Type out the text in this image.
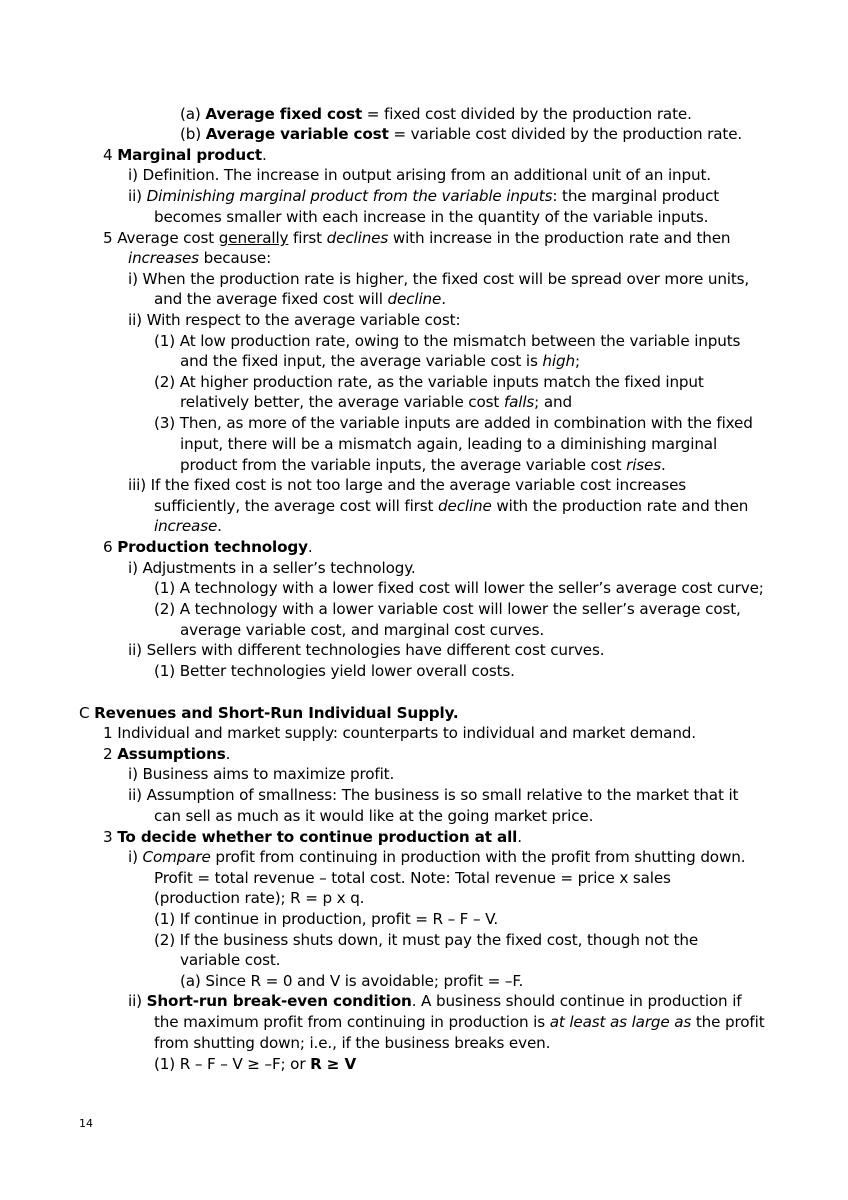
(a) Average fixed cost = fixed cost divided by the production rate.
(b) Average variable cost = variable cost divided by the production rate.
4 Marginal product.
i) Definition. The increase in output arising from an additional unit of an input.
ii) Diminishing marginal product from the variable inputs: the marginal product
becomes smaller with each increase in the quantity of the variable inputs.
5 Average cost generally first declines with increase in the production rate and then
increases because:
i) When the production rate is higher, the fixed cost will be spread over more units,
and the average fixed cost will decline.
ii) With respect to the average variable cost:
(1) At low production rate, owing to the mismatch between the variable inputs
and the fixed input, the average variable cost is high;
(2) At higher production rate, as the variable inputs match the fixed input
relatively better, the average variable cost falls; and
(3) Then, as more of the variable inputs are added in combination with the fixed
input, there will be a mismatch again, leading to a diminishing marginal
product from the variable inputs, the average variable cost rises.
iii) If the fixed cost is not too large and the average variable cost increases
sufficiently, the average cost will first decline with the production rate and then
increase.
6 Production technology.
i) Adjustments in a seller’s technology.
(1) A technology with a lower fixed cost will lower the seller’s average cost curve;
(2) A technology with a lower variable cost will lower the seller’s average cost,
average variable cost, and marginal cost curves.
ii) Sellers with different technologies have different cost curves.
(1) Better technologies yield lower overall costs.
C Revenues and Short-Run Individual Supply.
1 Individual and market supply: counterparts to individual and market demand.
2 Assumptions.
i) Business aims to maximize profit.
ii) Assumption of smallness: The business is so small relative to the market that it
can sell as much as it would like at the going market price.
3 To decide whether to continue production at all.
i) Compare profit from continuing in production with the profit from shutting down.
Profit = total revenue – total cost. Note: Total revenue = price x sales
(production rate); R = p x q.
(1) If continue in production, profit = R – F – V.
(2) If the business shuts down, it must pay the fixed cost, though not the
variable cost.
(a) Since R = 0 and V is avoidable; profit = –F.
ii) Short-run break-even condition. A business should continue in production if
the maximum profit from continuing in production is at least as large as the profit
from shutting down; i.e., if the business breaks even.
(1) R – F – V ≥ –F; or R ≥ V
14
